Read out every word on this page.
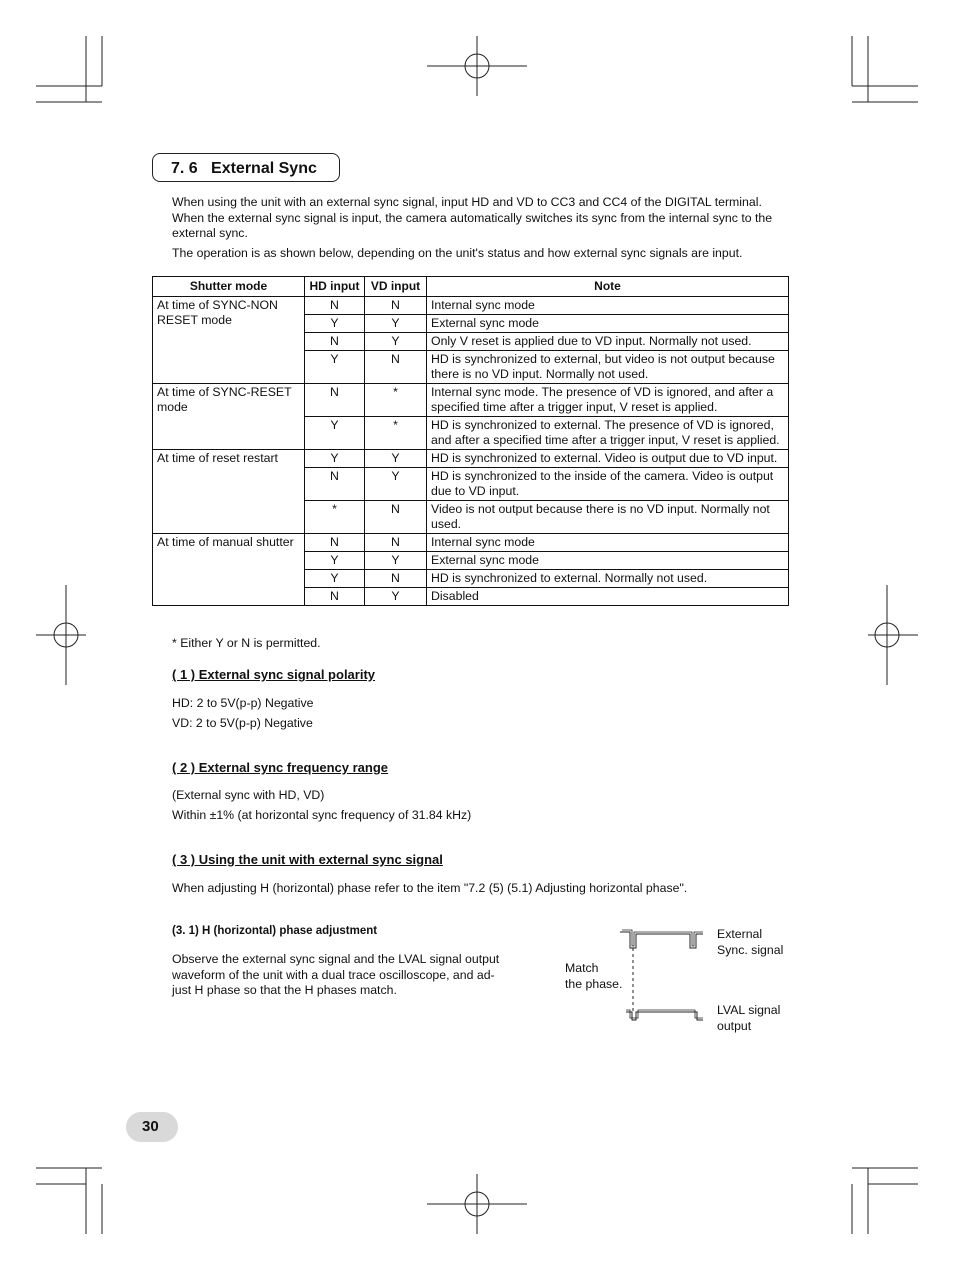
7. 6 External Sync
When using the unit with an external sync signal, input HD and VD to CC3 and CC4 of the DIGITAL terminal.
When the external sync signal is input, the camera automatically switches its sync from the internal sync to the
external sync.
The operation is as shown below, depending on the unit's status and how external sync signals are input.
Shutter mode	HD input	VD input	Note
At time of SYNC-NON RESET mode	N	N	Internal sync mode
	Y	Y	External sync mode
	N	Y	Only V reset is applied due to VD input. Normally not used.
	Y	N	HD is synchronized to external, but video is not output because there is no VD input. Normally not used.
At time of SYNC-RESET mode	N	*	Internal sync mode. The presence of VD is ignored, and after a specified time after a trigger input, V reset is applied.
	Y	*	HD is synchronized to external. The presence of VD is ignored, and after a specified time after a trigger input, V reset is applied.
At time of reset restart	Y	Y	HD is synchronized to external. Video is output due to VD input.
	N	Y	HD is synchronized to the inside of the camera. Video is output due to VD input.
	*	N	Video is not output because there is no VD input. Normally not used.
At time of manual shutter	N	N	Internal sync mode
	Y	Y	External sync mode
	Y	N	HD is synchronized to external. Normally not used.
	N	Y	Disabled
* Either Y or N is permitted.
( 1 ) External sync signal polarity
HD: 2 to 5V(p-p) Negative
VD: 2 to 5V(p-p) Negative
( 2 ) External sync frequency range
(External sync with HD, VD)
Within ±1% (at horizontal sync frequency of 31.84 kHz)
( 3 ) Using the unit with external sync signal
When adjusting H (horizontal) phase refer to the item "7.2 (5) (5.1) Adjusting horizontal phase".
(3. 1) H (horizontal) phase adjustment
Observe the external sync signal and the LVAL signal output
waveform of the unit with a dual trace oscilloscope, and ad-
just H phase so that the H phases match.
Match
the phase.
External
Sync. signal
LVAL signal
output
30
